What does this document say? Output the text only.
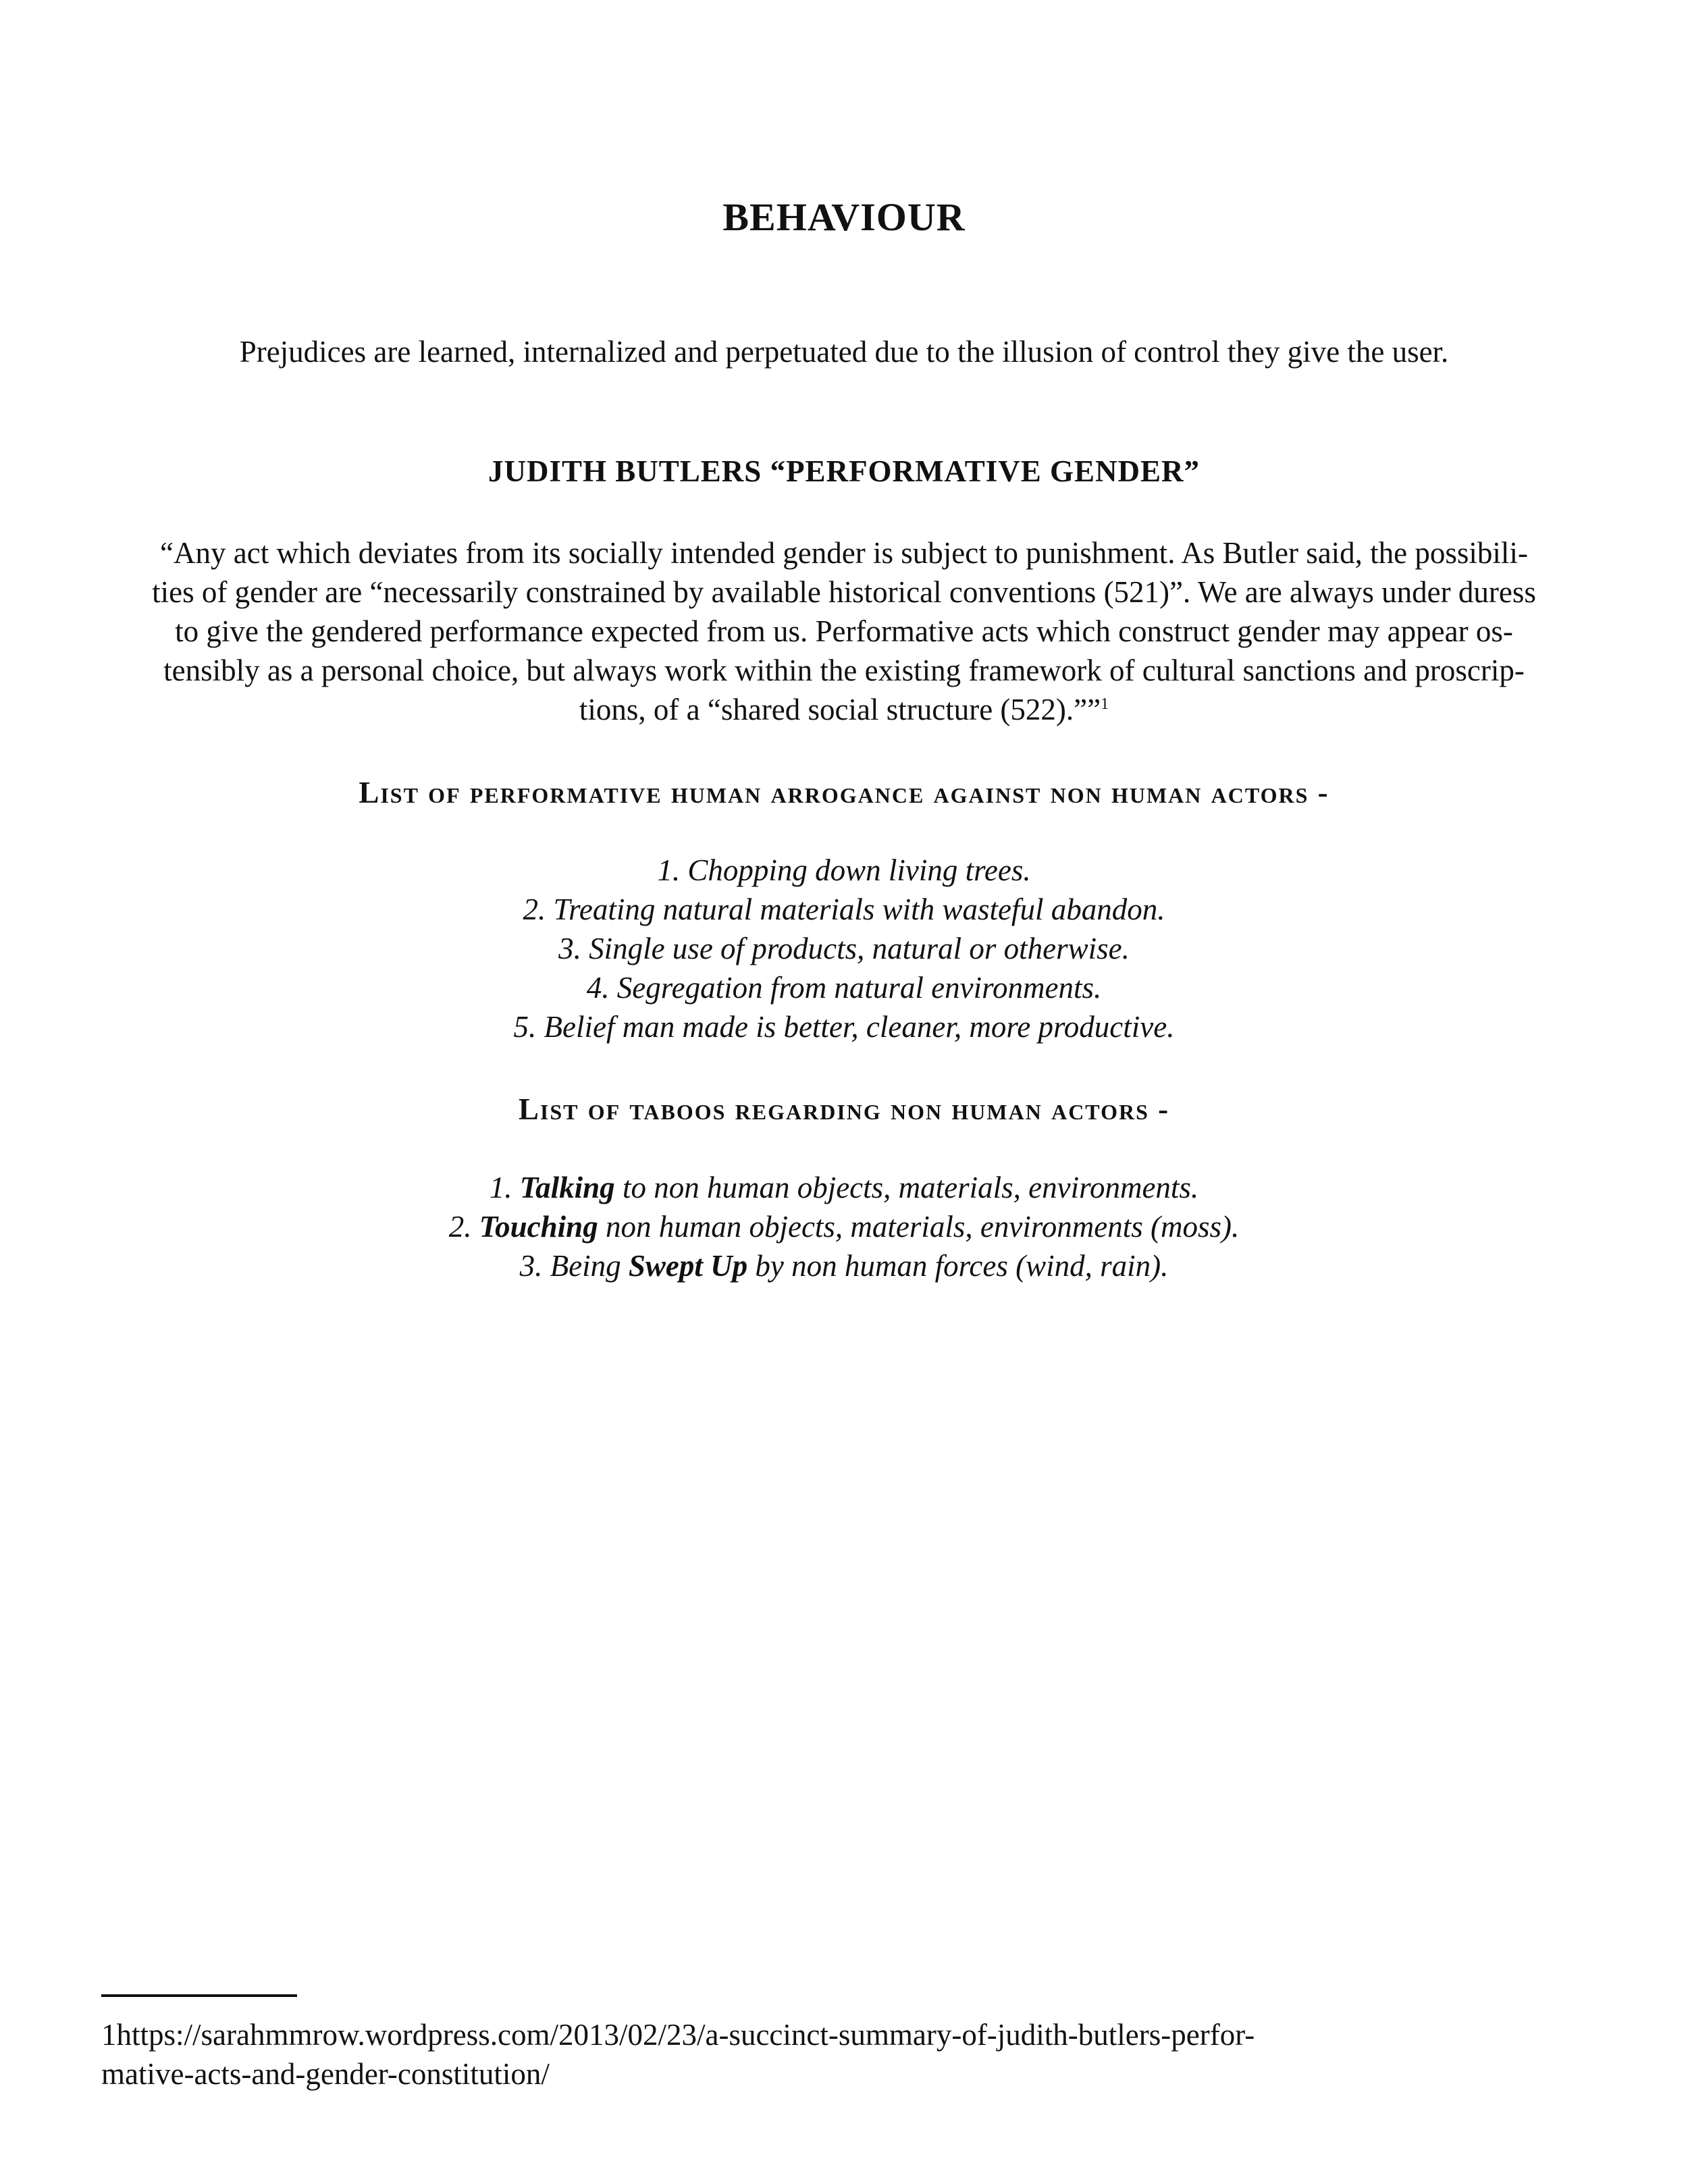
BEHAVIOUR

Prejudices are learned, internalized and perpetuated due to the illusion of control they give the user.

JUDITH BUTLERS “PERFORMATIVE GENDER”

“Any act which deviates from its socially intended gender is subject to punishment. As Butler said, the possibili-
ties of gender are “necessarily constrained by available historical conventions (521)”. We are always under duress
to give the gendered performance expected from us. Performative acts which construct gender may appear os-
tensibly as a personal choice, but always work within the existing framework of cultural sanctions and proscrip-
tions, of a “shared social structure (522).””$^1$

List of performative human arrogance against non human actors -
1. Chopping down living trees.
2. Treating natural materials with wasteful abandon.
3. Single use of products, natural or otherwise.
4. Segregation from natural environments.
5. Belief man made is better, cleaner, more productive.
List of taboos regarding non human actors -
1. Talking to non human objects, materials, environments.
2. Touching non human objects, materials, environments (moss).
3. Being Swept Up by non human forces (wind, rain).

1https://sarahmmrow.wordpress.com/2013/02/23/a-succinct-summary-of-judith-butlers-perfor-
mative-acts-and-gender-constitution/
